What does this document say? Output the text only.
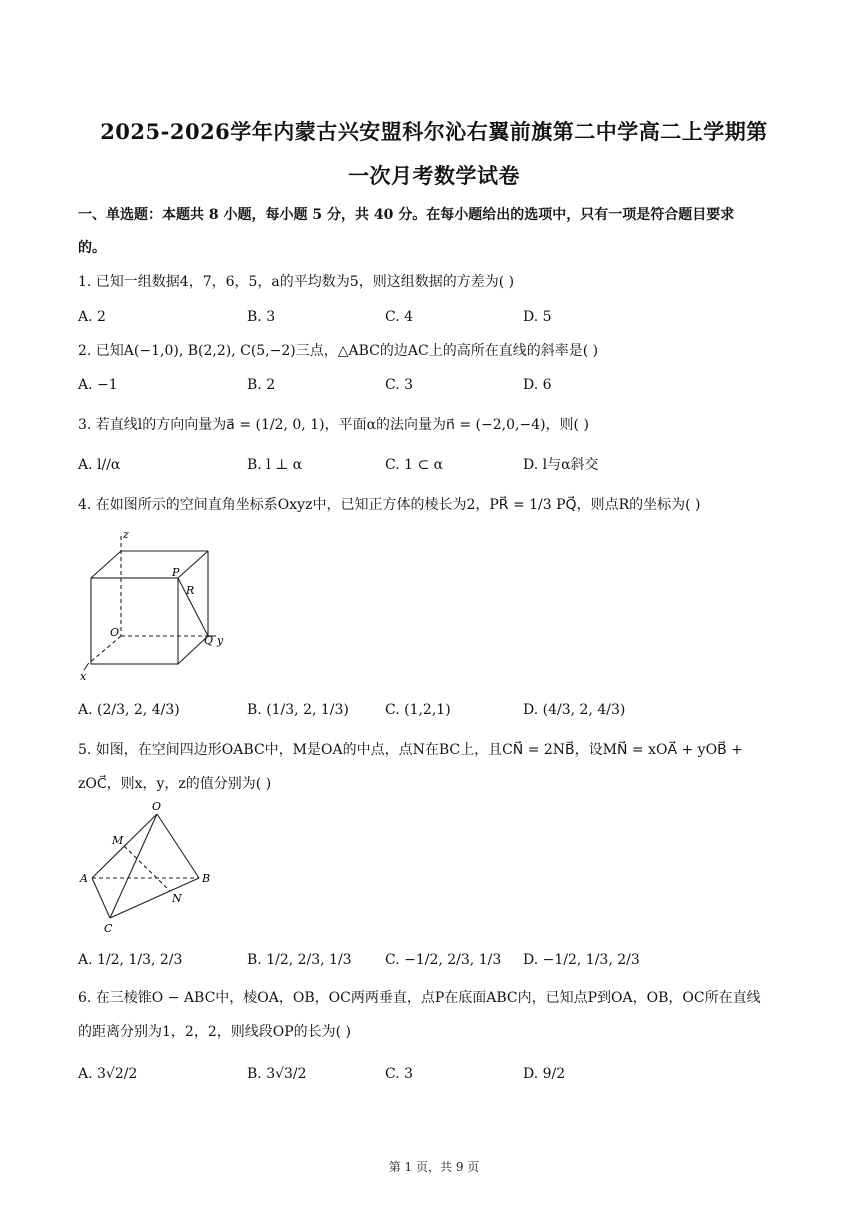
2025-2026学年内蒙古兴安盟科尔沁右翼前旗第二中学高二上学期第
一次月考数学试卷
一、单选题：本题共 8 小题，每小题 5 分，共 40 分。在每小题给出的选项中，只有一项是符合题目要求
的。
1. 已知一组数据4，7，6，5，a的平均数为5，则这组数据的方差为( )
A. 2	B. 3	C. 4	D. 5
2. 已知A(−1,0), B(2,2), C(5,−2)三点，△ABC的边AC上的高所在直线的斜率是( )
A. −1	B. 2	C. 3	D. 6
3. 若直线l的方向向量为a⃗ = (1/2, 0, 1)，平面α的法向量为n⃗ = (−2,0,−4)，则( )
A. l//α	B. l ⊥ α	C. 1 ⊂ α	D. l与α斜交
4. 在如图所示的空间直角坐标系Oxyz中，已知正方体的棱长为2，PR⃗ = 1/3 PQ⃗，则点R的坐标为( )
z
P
R
O
Q y
x
A. (2/3, 2, 4/3)	B. (1/3, 2, 1/3)	C. (1,2,1)	D. (4/3, 2, 4/3)
5. 如图，在空间四边形OABC中，M是OA的中点，点N在BC上，且CN⃗ = 2NB⃗，设MN⃗ = xOA⃗ + yOB⃗ +
zOC⃗，则x，y，z的值分别为( )
O
M
A	B
N
C
A. 1/2, 1/3, 2/3	B. 1/2, 2/3, 1/3 C. −1/2, 2/3, 1/3 D. −1/2, 1/3, 2/3
6. 在三棱锥O − ABC中，棱OA，OB，OC两两垂直，点P在底面ABC内，已知点P到OA，OB，OC所在直线
的距离分别为1，2，2，则线段OP的长为( )
A. 3√2/2	B. 3√3/2	C. 3	D. 9/2
第 1 页，共 9 页
